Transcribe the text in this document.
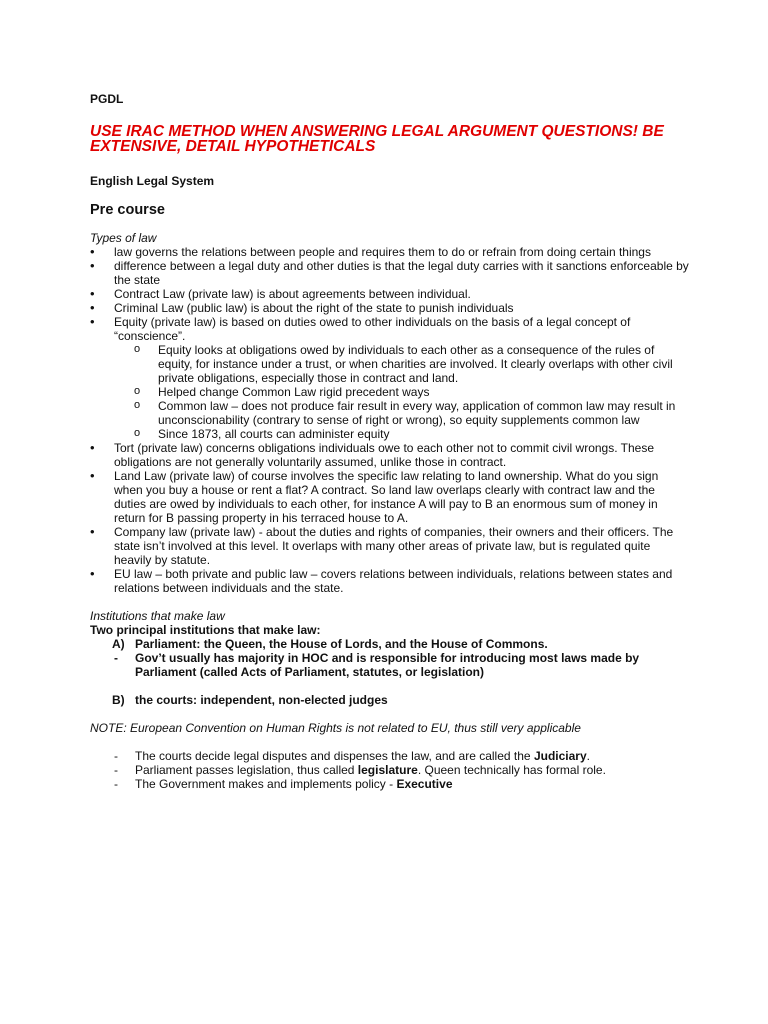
PGDL

USE IRAC METHOD WHEN ANSWERING LEGAL ARGUMENT QUESTIONS! BE EXTENSIVE, DETAIL HYPOTHETICALS

English Legal System

Pre course

Types of law

• law governs the relations between people and requires them to do or refrain from doing certain things
• difference between a legal duty and other duties is that the legal duty carries with it sanctions enforceable by the state
• Contract Law (private law) is about agreements between individual.
• Criminal Law (public law) is about the right of the state to punish individuals
• Equity (private law) is based on duties owed to other individuals on the basis of a legal concept of “conscience”.
o Equity looks at obligations owed by individuals to each other as a consequence of the rules of equity, for instance under a trust, or when charities are involved. It clearly overlaps with other civil private obligations, especially those in contract and land.
o Helped change Common Law rigid precedent ways
o Common law – does not produce fair result in every way, application of common law may result in unconscionability (contrary to sense of right or wrong), so equity supplements common law
o Since 1873, all courts can administer equity
• Tort (private law) concerns obligations individuals owe to each other not to commit civil wrongs. These obligations are not generally voluntarily assumed, unlike those in contract.
• Land Law (private law) of course involves the specific law relating to land ownership. What do you sign when you buy a house or rent a flat? A contract. So land law overlaps clearly with contract law and the duties are owed by individuals to each other, for instance A will pay to B an enormous sum of money in return for B passing property in his terraced house to A.
• Company law (private law) - about the duties and rights of companies, their owners and their officers. The state isn’t involved at this level. It overlaps with many other areas of private law, but is regulated quite heavily by statute.
• EU law – both private and public law – covers relations between individuals, relations between states and relations between individuals and the state.

Institutions that make law

Two principal institutions that make law:

A) Parliament: the Queen, the House of Lords, and the House of Commons.
- Gov’t usually has majority in HOC and is responsible for introducing most laws made by Parliament (called Acts of Parliament, statutes, or legislation)
B) the courts: independent, non-elected judges

NOTE: European Convention on Human Rights is not related to EU, thus still very applicable

- The courts decide legal disputes and dispenses the law, and are called the Judiciary.
- Parliament passes legislation, thus called legislature. Queen technically has formal role.
- The Government makes and implements policy - Executive
